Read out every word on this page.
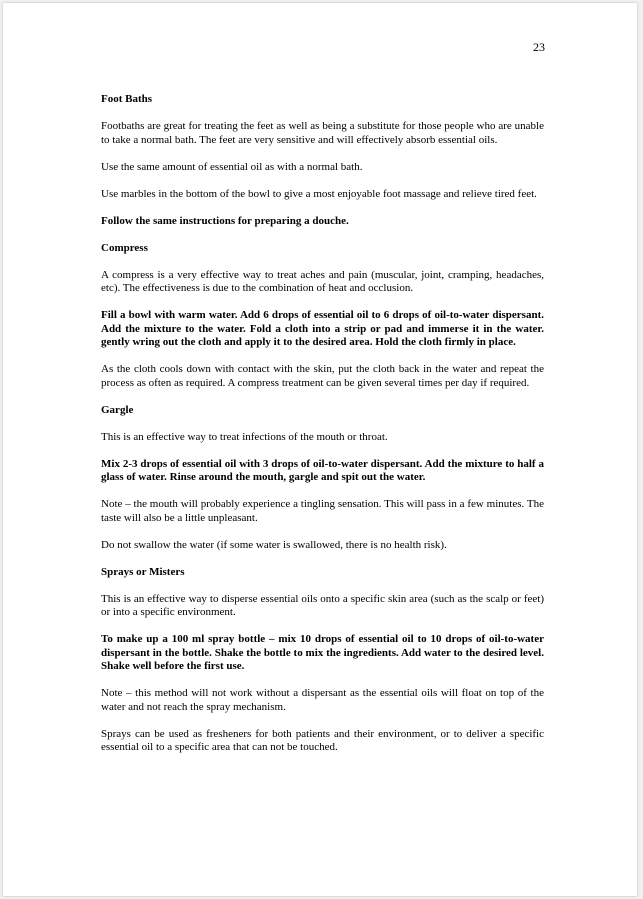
23

Foot Baths

Footbaths are great for treating the feet as well as being a substitute for those people who are unable to take a normal bath. The feet are very sensitive and will effectively absorb essential oils.

Use the same amount of essential oil as with a normal bath.

Use marbles in the bottom of the bowl to give a most enjoyable foot massage and relieve tired feet.

Follow the same instructions for preparing a douche.

Compress

A compress is a very effective way to treat aches and pain (muscular, joint, cramping, headaches, etc). The effectiveness is due to the combination of heat and occlusion.

Fill a bowl with warm water. Add 6 drops of essential oil to 6 drops of oil-to-water dispersant. Add the mixture to the water. Fold a cloth into a strip or pad and immerse it in the water. gently wring out the cloth and apply it to the desired area. Hold the cloth firmly in place.

As the cloth cools down with contact with the skin, put the cloth back in the water and repeat the process as often as required. A compress treatment can be given several times per day if required.

Gargle

This is an effective way to treat infections of the mouth or throat.

Mix 2-3 drops of essential oil with 3 drops of oil-to-water dispersant. Add the mixture to half a glass of water. Rinse around the mouth, gargle and spit out the water.

Note – the mouth will probably experience a tingling sensation. This will pass in a few minutes. The taste will also be a little unpleasant.

Do not swallow the water (if some water is swallowed, there is no health risk).

Sprays or Misters

This is an effective way to disperse essential oils onto a specific skin area (such as the scalp or feet) or into a specific environment.

To make up a 100 ml spray bottle – mix 10 drops of essential oil to 10 drops of oil-to-water dispersant in the bottle. Shake the bottle to mix the ingredients. Add water to the desired level. Shake well before the first use.

Note – this method will not work without a dispersant as the essential oils will float on top of the water and not reach the spray mechanism.

Sprays can be used as fresheners for both patients and their environment, or to deliver a specific essential oil to a specific area that can not be touched.
